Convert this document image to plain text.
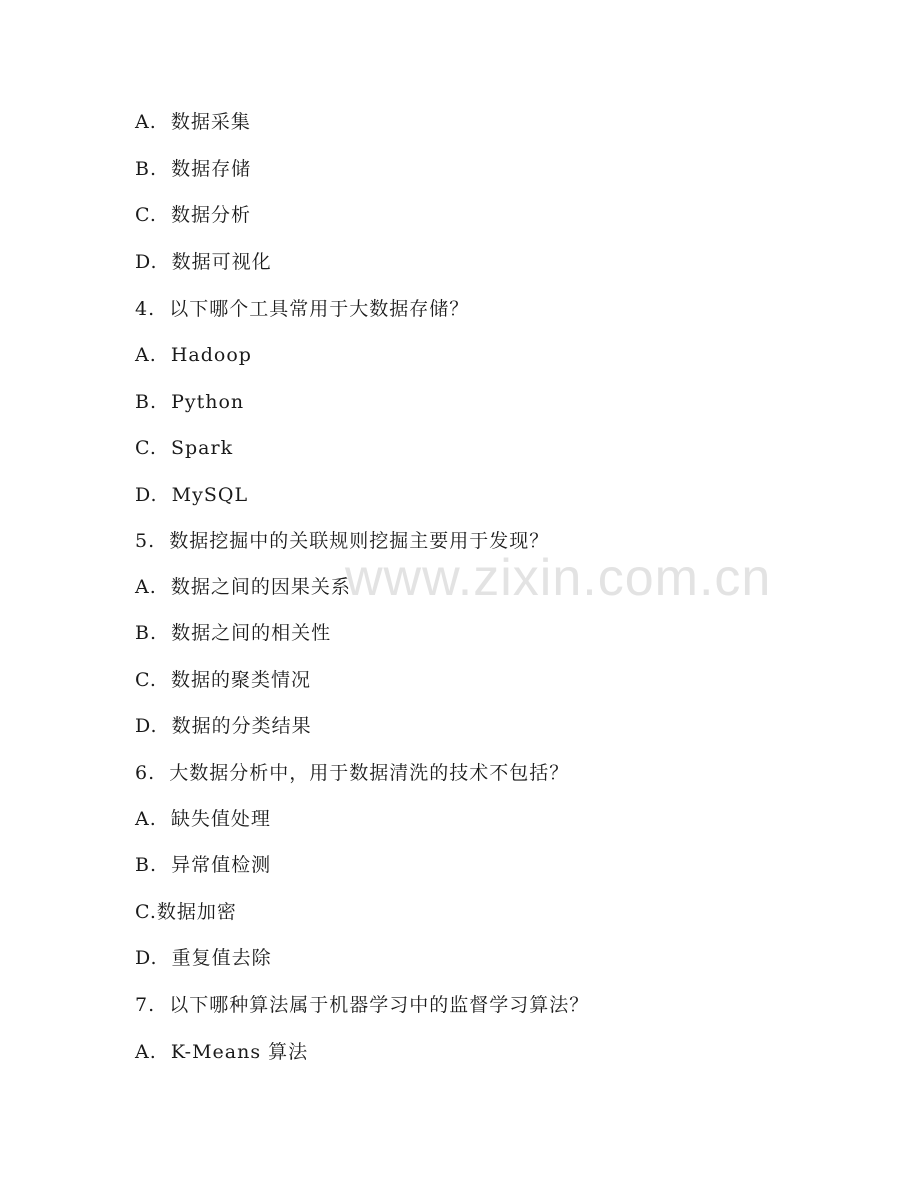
www.zixin.com.cn
A.  数据采集
B.  数据存储
C.  数据分析
D.  数据可视化
4.  以下哪个工具常用于大数据存储？
A.  Hadoop
B.  Python
C.  Spark
D.  MySQL
5.  数据挖掘中的关联规则挖掘主要用于发现？
A.  数据之间的因果关系
B.  数据之间的相关性
C.  数据的聚类情况
D.  数据的分类结果
6.  大数据分析中，用于数据清洗的技术不包括？
A.  缺失值处理
B.  异常值检测
C.数据加密
D.  重复值去除
7.  以下哪种算法属于机器学习中的监督学习算法？
A.  K-Means 算法
